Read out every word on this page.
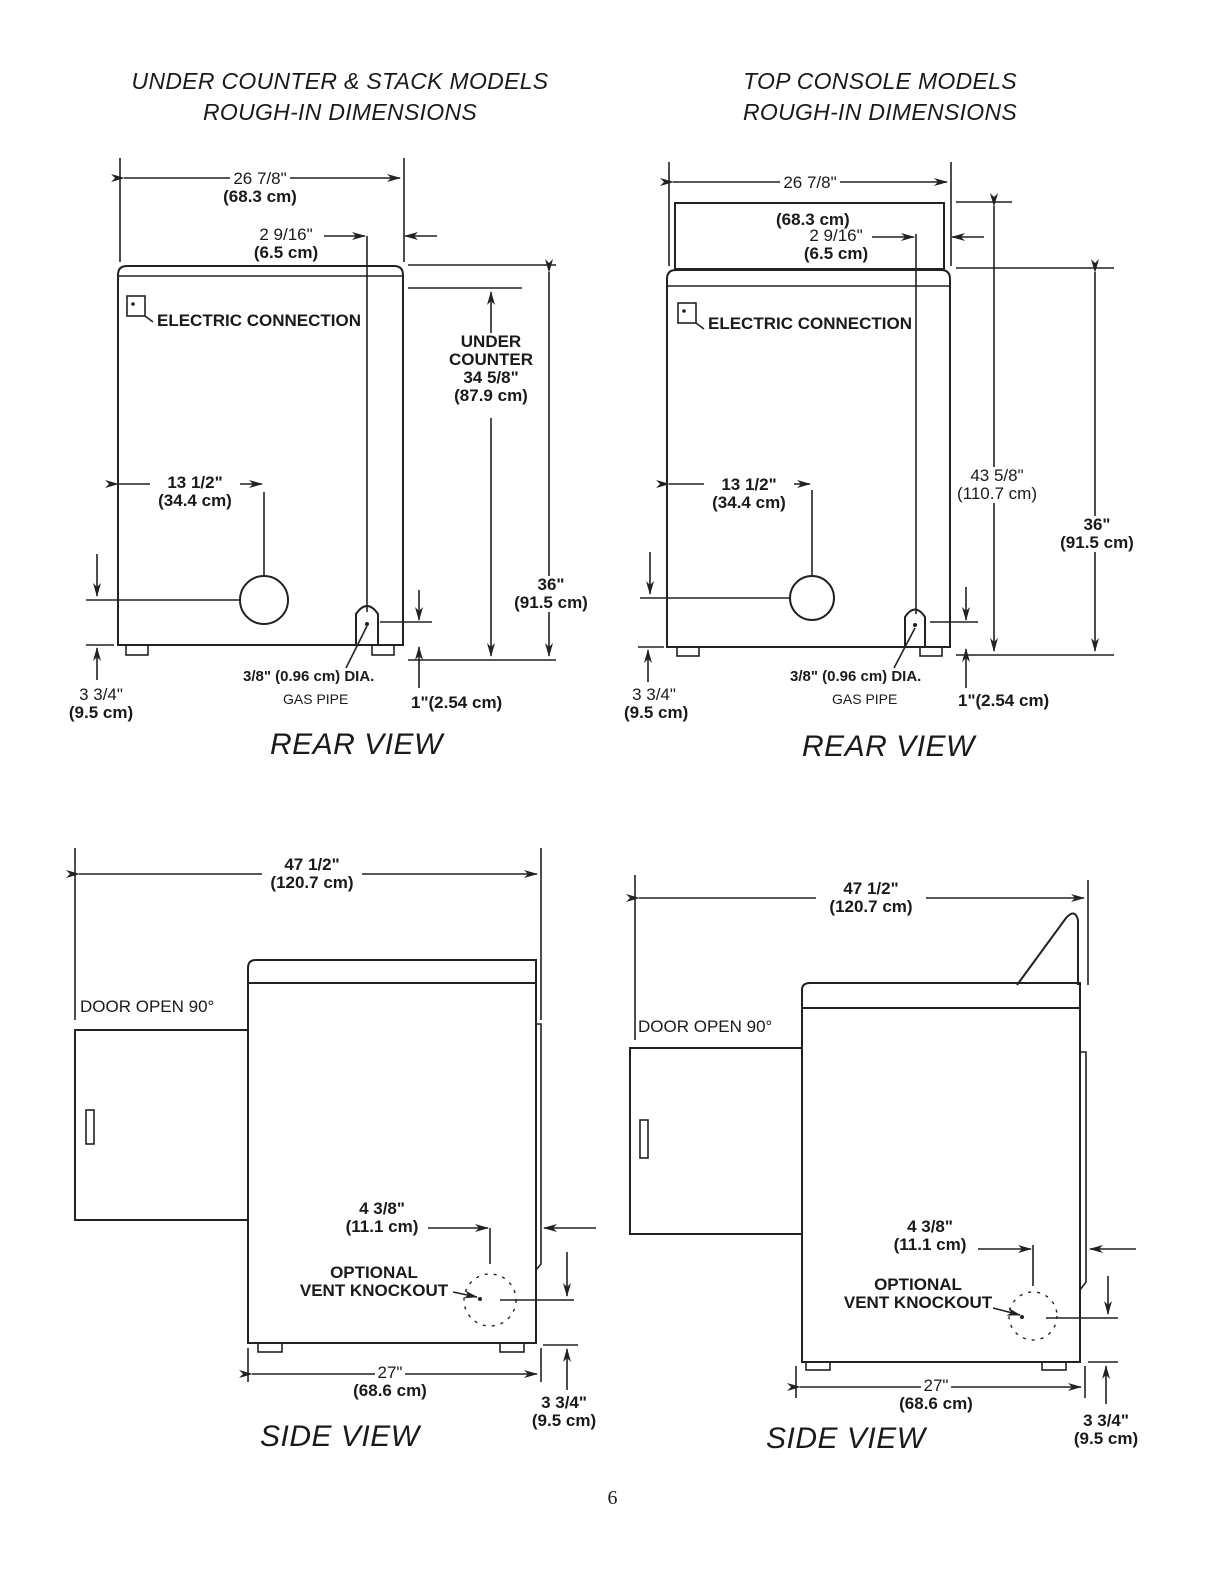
UNDER COUNTER & STACK MODELS
ROUGH-IN DIMENSIONS
TOP CONSOLE MODELS
ROUGH-IN DIMENSIONS
26 7/8"
(68.3 cm)
ELECTRIC CONNECTION
UNDER
COUNTER
34 5/8"
(87.9 cm)
2 9/16"
(6.5 cm)
13 1/2"
(34.4 cm)
36"
(91.5 cm)
3 3/4"
(9.5 cm)
3/8" (0.96 cm) DIA.
GAS PIPE	1"(2.54 cm)
REAR VIEW
26 7/8"
(68.3 cm)
ELECTRIC CONNECTION
2 9/16"
(6.5 cm)
13 1/2"
(34.4 cm)
43 5/8"
(110.7 cm)
36"
(91.5 cm)
3 3/4"
(9.5 cm)
3/8" (0.96 cm) DIA.
GAS PIPE	1"(2.54 cm)
REAR VIEW
47 1/2"
(120.7 cm)
DOOR OPEN 90°
4 3/8"
(11.1 cm)
OPTIONAL
VENT KNOCKOUT
27"
(68.6 cm)
3 3/4"
(9.5 cm)
SIDE VIEW
47 1/2"
(120.7 cm)
DOOR OPEN 90°
4 3/8"
(11.1 cm)
OPTIONAL
VENT KNOCKOUT
27"
(68.6 cm)
3 3/4"
(9.5 cm)
SIDE VIEW
6
